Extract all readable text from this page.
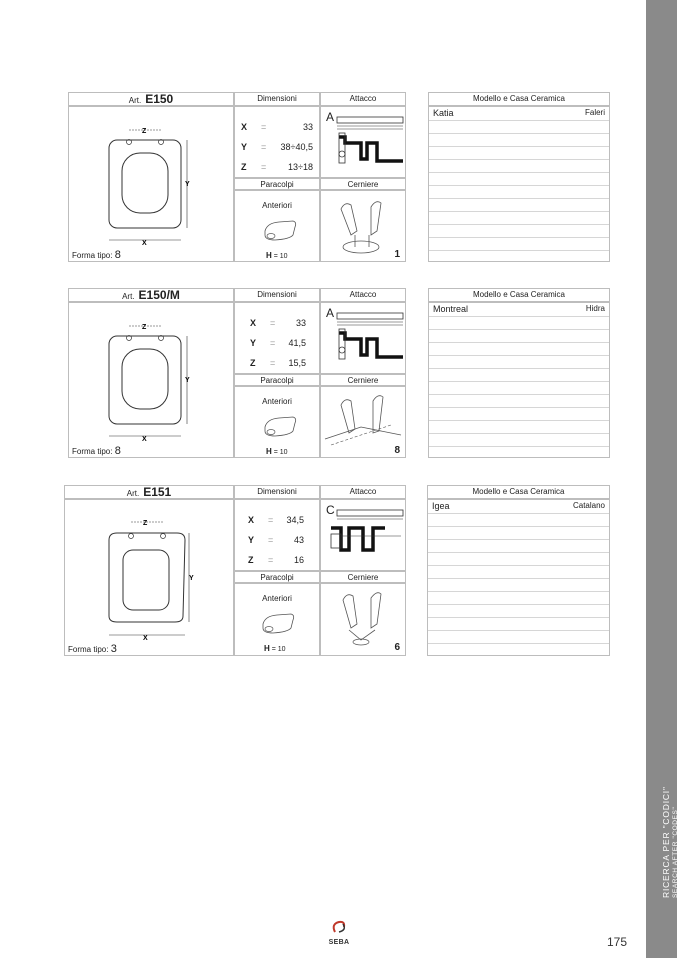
Art. E150	Dimensioni	Attacco
Z
X
Y
Forma tipo: 8
X =	33
Y = 38÷40,5
Z = 13÷18
A
Paracolpi	Cerniere
Anteriori
H = 10	1
Modello e Casa Ceramica
Katia	Faleri
Art. E150/M	Dimensioni	Attacco
Z
X
Y
Forma tipo: 8
X = 33
Y = 41,5
Z = 15,5
A
Paracolpi	Cerniere
Anteriori
H = 10	8
Modello e Casa Ceramica
Montreal	Hidra
Art. E151	Dimensioni	Attacco
Z
X
Y
Forma tipo: 3
X = 34,5
Y = 43
Z = 16
C
Paracolpi	Cerniere
Anteriori
H = 10	6
Modello e Casa Ceramica
Igea	Catalano
SEBA	175
RICERCA PER "CODICI" SEARCH AFTER "CODES"
